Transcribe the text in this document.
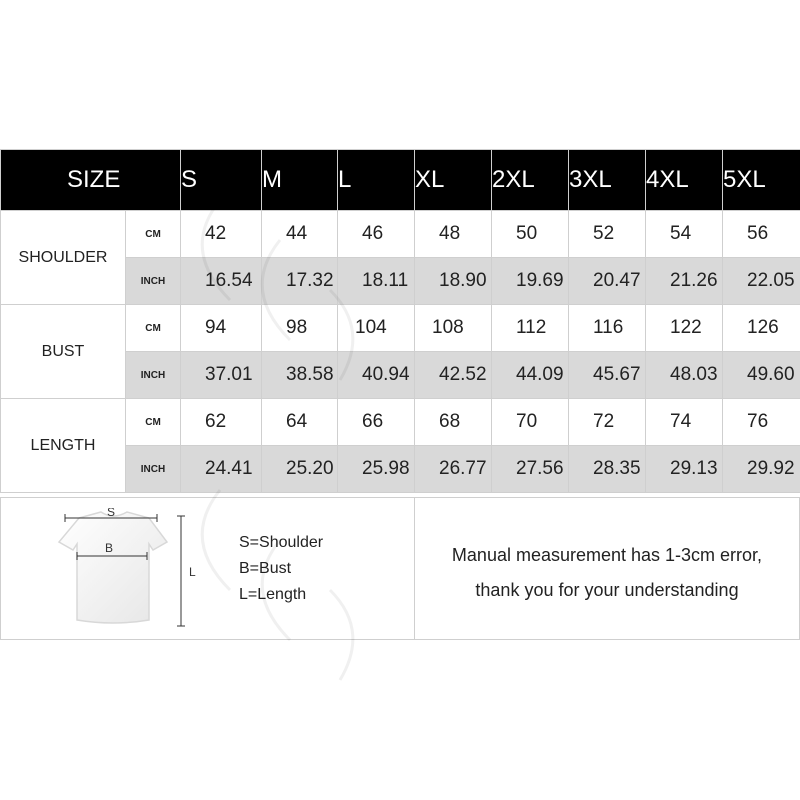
SIZE		S	M	L	XL	2XL	3XL	4XL	5XL
SHOULDER	CM	42	44	46	48	50	52	54	56
	INCH	16.54	17.32	18.11	18.90	19.69	20.47	21.26	22.05
BUST	CM	94	98	104	108	112	116	122	126
	INCH	37.01	38.58	40.94	42.52	44.09	45.67	48.03	49.60
LENGTH	CM	62	64	66	68	70	72	74	76
	INCH	24.41	25.20	25.98	26.77	27.56	28.35	29.13	29.92
S
B
L
S=Shoulder
B=Bust
L=Length
Manual measurement has 1-3cm error,
thank you for your understanding
